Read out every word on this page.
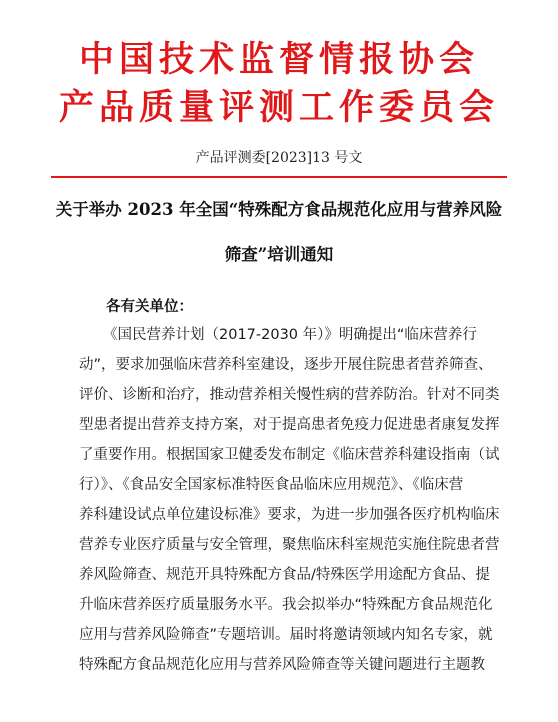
中国技术监督情报协会
产品质量评测工作委员会
产品评测委[2023]13 号文
关于举办 2023 年全国“特殊配方食品规范化应用与营养风险
筛查”培训通知
各有关单位：
《国民营养计划（2017-2030 年）》明确提出“临床营养行
动”，要求加强临床营养科室建设，逐步开展住院患者营养筛查、
评价、诊断和治疗，推动营养相关慢性病的营养防治。针对不同类
型患者提出营养支持方案，对于提高患者免疫力促进患者康复发挥
了重要作用。根据国家卫健委发布制定《临床营养科建设指南（试
行）》、《食品安全国家标准特医食品临床应用规范》、《临床营
养科建设试点单位建设标准》要求，为进一步加强各医疗机构临床
营养专业医疗质量与安全管理，聚焦临床科室规范实施住院患者营
养风险筛查、规范开具特殊配方食品/特殊医学用途配方食品、提
升临床营养医疗质量服务水平。我会拟举办“特殊配方食品规范化
应用与营养风险筛查”专题培训。届时将邀请领域内知名专家，就
特殊配方食品规范化应用与营养风险筛查等关键问题进行主题教
